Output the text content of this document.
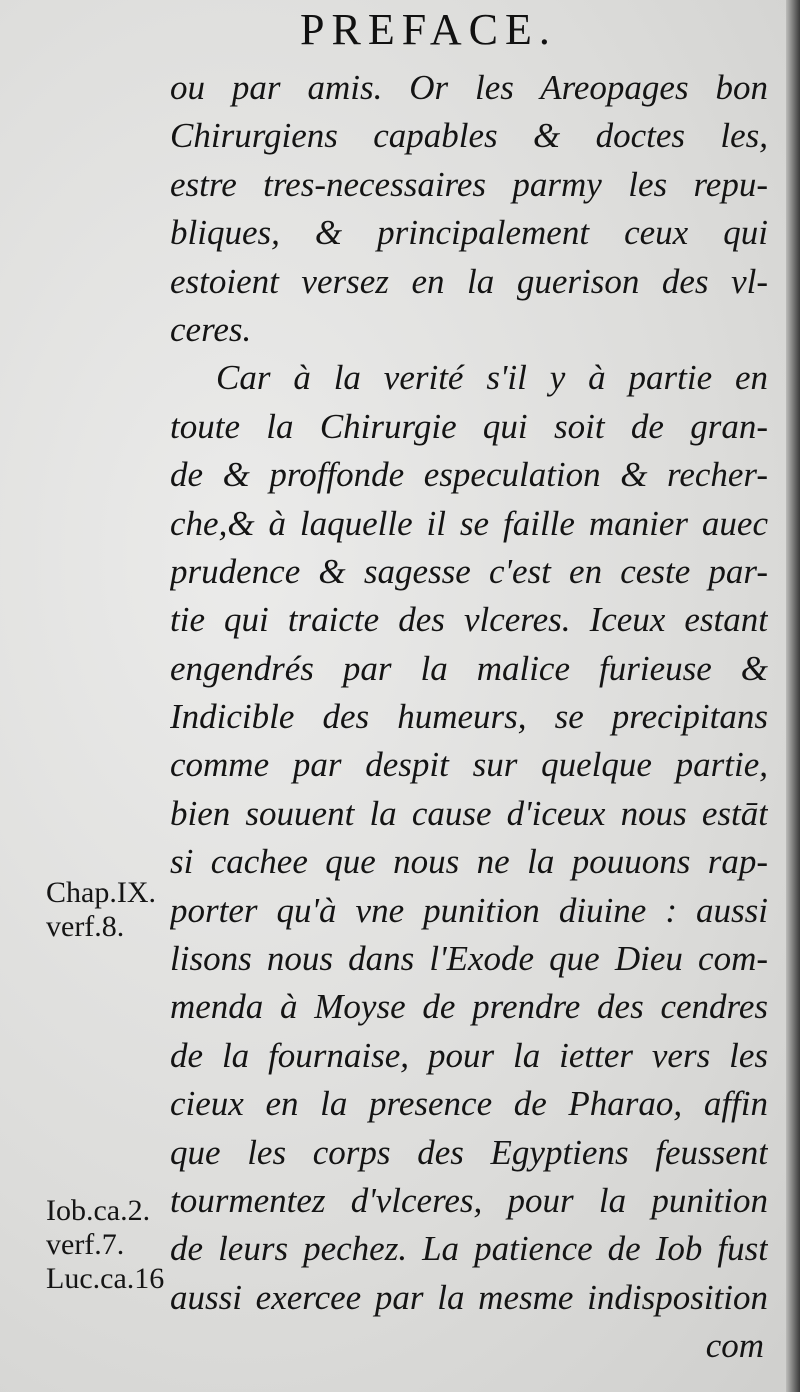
PREFACE.
ou par amis. Or les Areopages bon
Chirurgiens capables & doctes les,
estre tres-necessaires parmy les repu-
bliques, & principalement ceux qui
estoient versez en la guerison des vl-
ceres.
Car à la verité s'il y à partie en
toute la Chirurgie qui soit de gran-
de & proffonde especulation & recher-
che,& à laquelle il se faille manier auec
prudence & sagesse c'est en ceste par-
tie qui traicte des vlceres. Iceux estant
engendrés par la malice furieuse &
Indicible des humeurs, se precipitans
comme par despit sur quelque partie,
bien souuent la cause d'iceux nous estāt
si cachee que nous ne la pouuons rap-
porter qu'à vne punition diuine : aussi
lisons nous dans l'Exode que Dieu com-
menda à Moyse de prendre des cendres
de la fournaise, pour la ietter vers les
cieux en la presence de Pharao, affin
que les corps des Egyptiens feussent
tourmentez d'vlceres, pour la punition
de leurs pechez. La patience de Iob fust
aussi exercee par la mesme indisposition
com
Chap.IX.
verf.8.
Iob.ca.2.
verf.7.
Luc.ca.16
